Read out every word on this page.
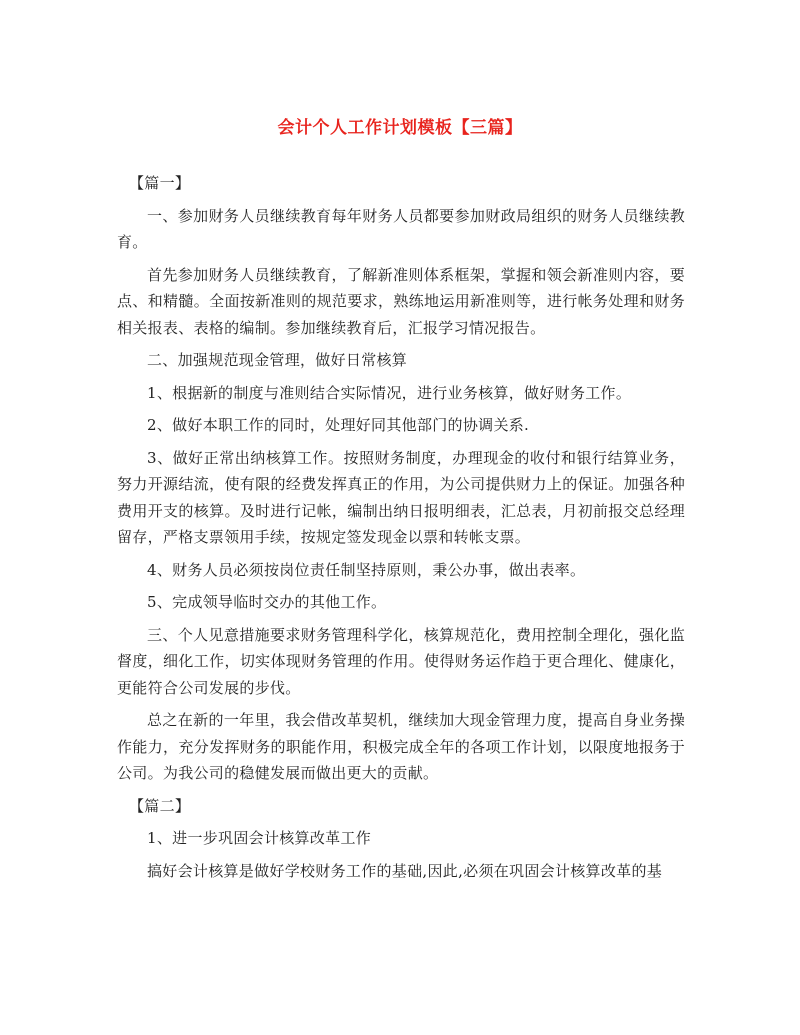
会计个人工作计划模板【三篇】

【篇一】

一、参加财务人员继续教育每年财务人员都要参加财政局组织的财务人员继续教育。

首先参加财务人员继续教育，了解新准则体系框架，掌握和领会新准则内容，要点、和精髓。全面按新准则的规范要求，熟练地运用新准则等，进行帐务处理和财务相关报表、表格的编制。参加继续教育后，汇报学习情况报告。

二、加强规范现金管理，做好日常核算

1、根据新的制度与准则结合实际情况，进行业务核算，做好财务工作。

2、做好本职工作的同时，处理好同其他部门的协调关系.

3、做好正常出纳核算工作。按照财务制度，办理现金的收付和银行结算业务，努力开源结流，使有限的经费发挥真正的作用，为公司提供财力上的保证。加强各种费用开支的核算。及时进行记帐，编制出纳日报明细表，汇总表，月初前报交总经理留存，严格支票领用手续，按规定签发现金以票和转帐支票。

4、财务人员必须按岗位责任制坚持原则，秉公办事，做出表率。

5、完成领导临时交办的其他工作。

三、个人见意措施要求财务管理科学化，核算规范化，费用控制全理化，强化监督度，细化工作，切实体现财务管理的作用。使得财务运作趋于更合理化、健康化，更能符合公司发展的步伐。

总之在新的一年里，我会借改革契机，继续加大现金管理力度，提高自身业务操作能力，充分发挥财务的职能作用，积极完成全年的各项工作计划，以限度地报务于公司。为我公司的稳健发展而做出更大的贡献。

【篇二】

1、进一步巩固会计核算改革工作

搞好会计核算是做好学校财务工作的基础,因此,必须在巩固会计核算改革的基
